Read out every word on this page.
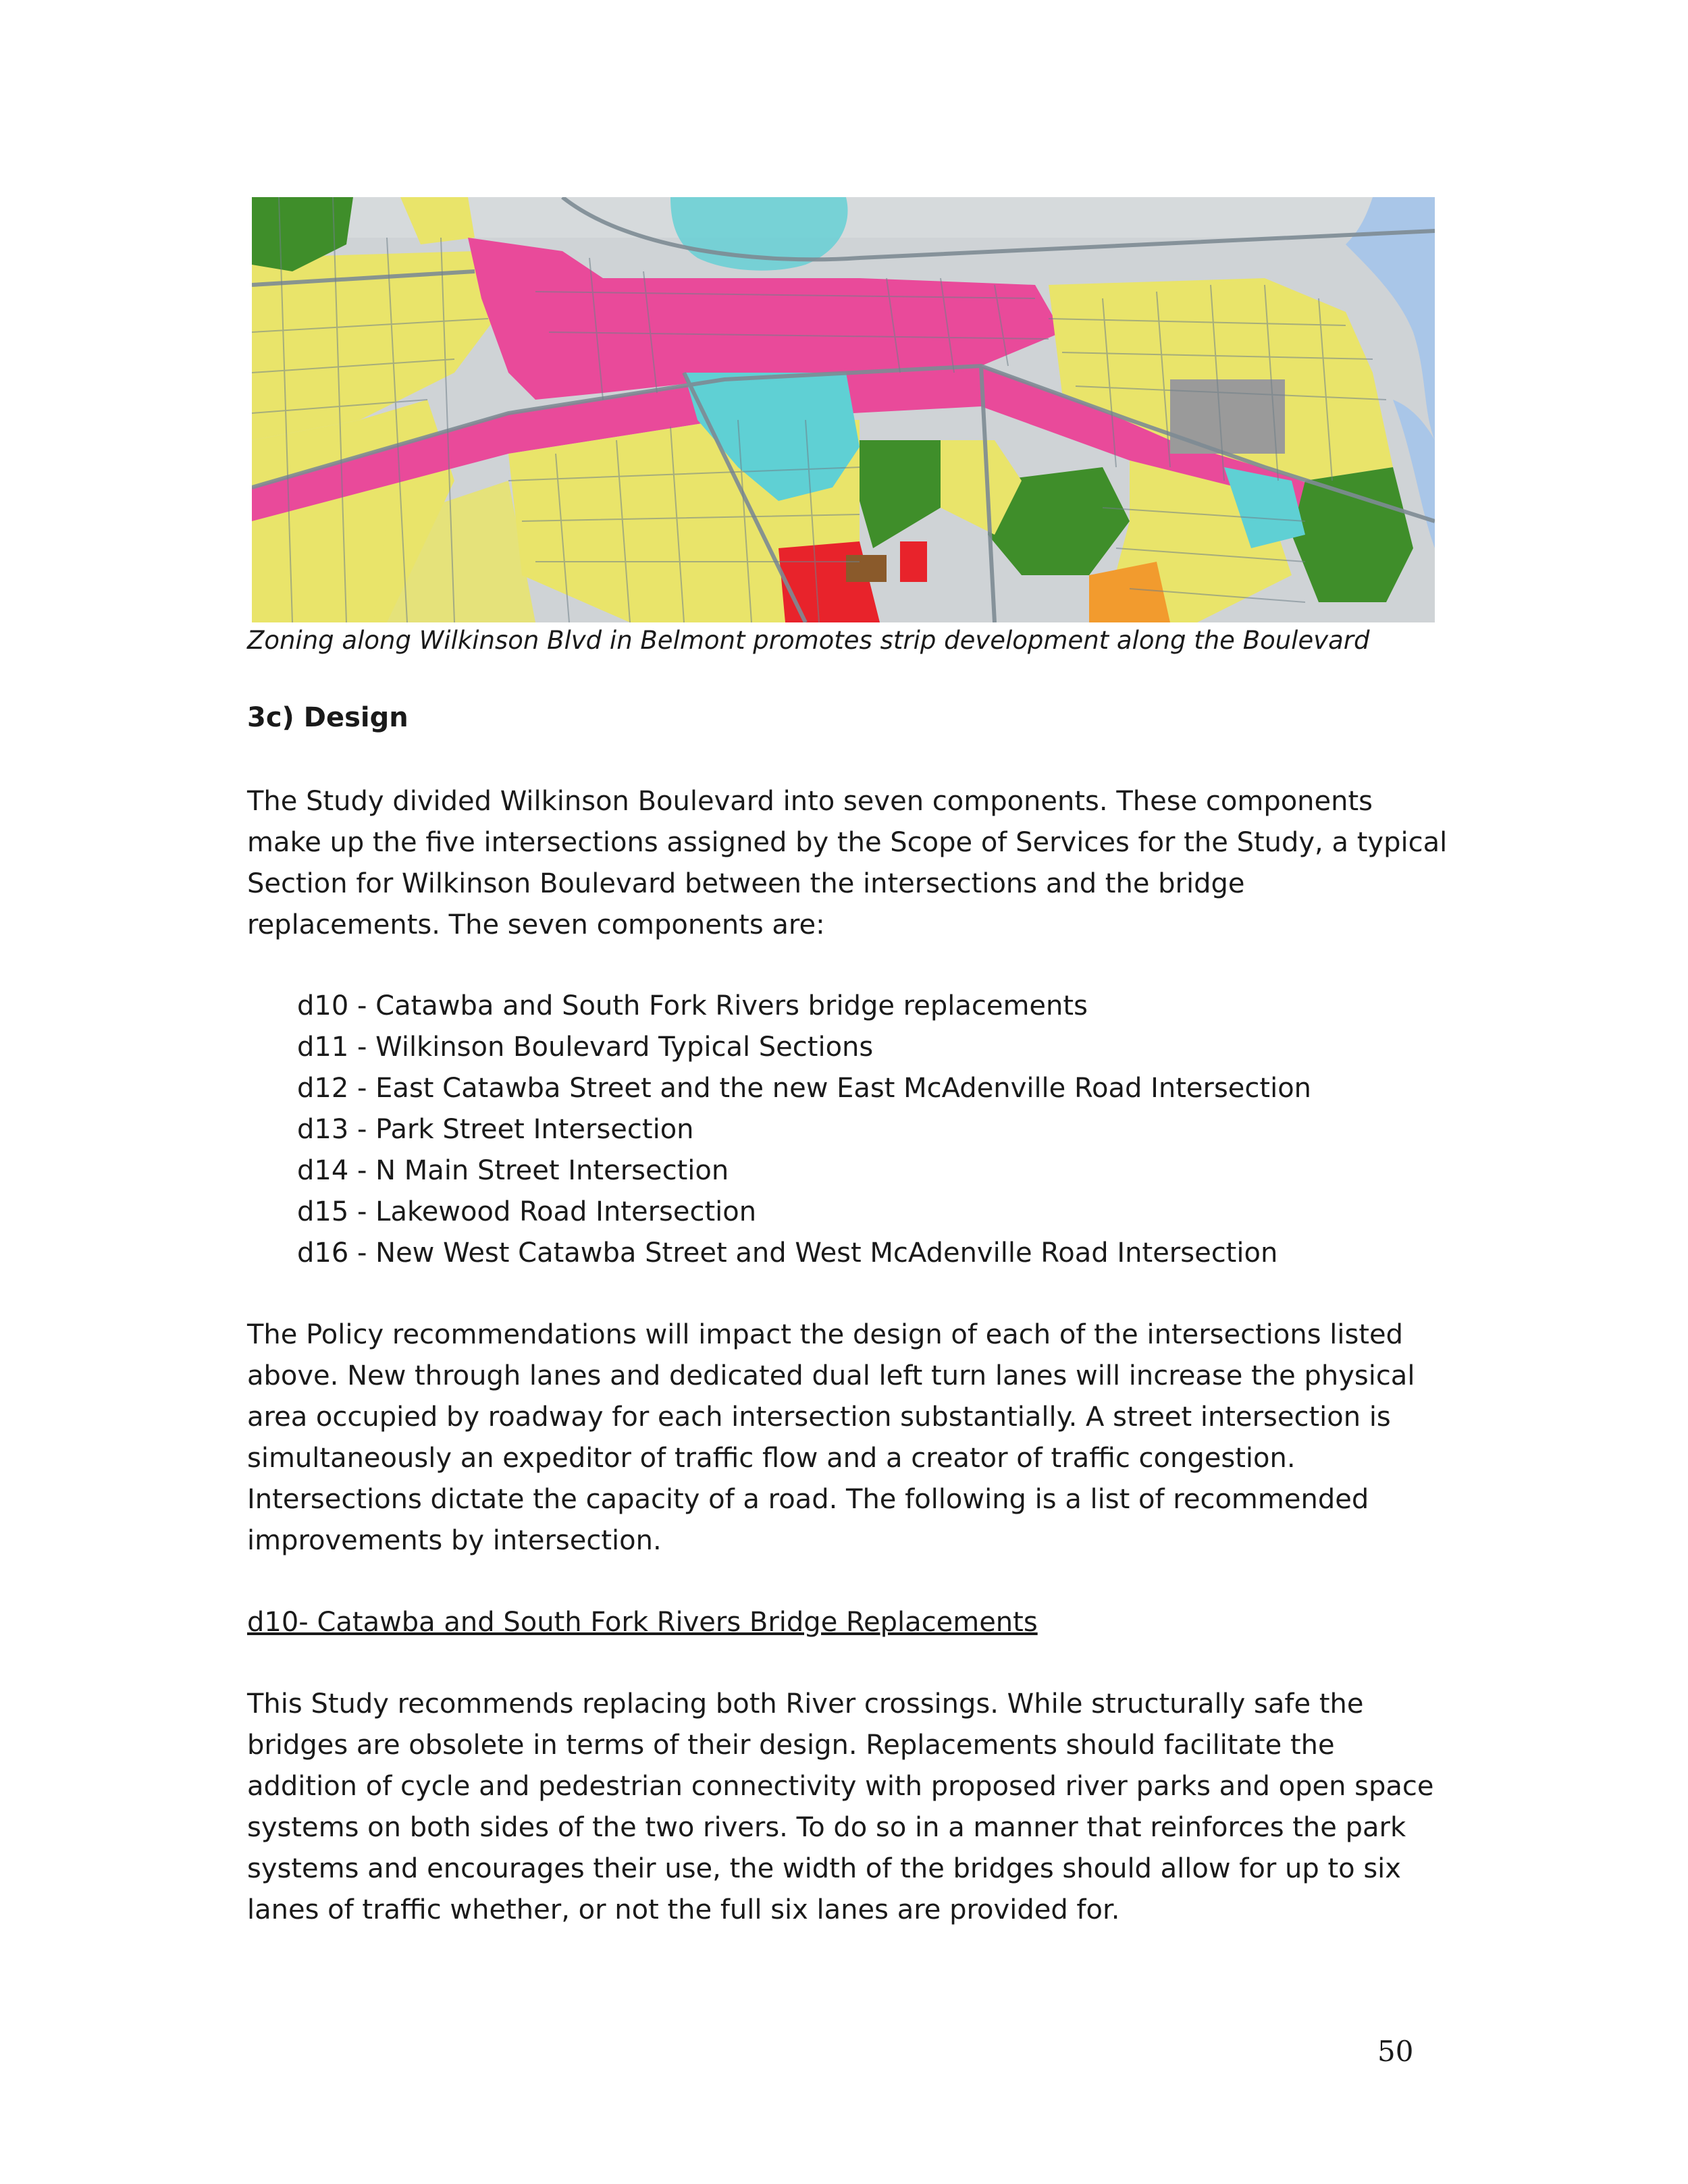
Zoning along Wilkinson Blvd in Belmont promotes strip development along the Boulevard

3c) Design

The Study divided Wilkinson Boulevard into seven components. These components
make up the five intersections assigned by the Scope of Services for the Study, a typical
Section for Wilkinson Boulevard between the intersections and the bridge
replacements. The seven components are:

d10 - Catawba and South Fork Rivers bridge replacements
d11 - Wilkinson Boulevard Typical Sections
d12 - East Catawba Street and the new East McAdenville Road Intersection
d13 - Park Street Intersection
d14 - N Main Street Intersection
d15 - Lakewood Road Intersection
d16 - New West Catawba Street and West McAdenville Road Intersection

The Policy recommendations will impact the design of each of the intersections listed
above. New through lanes and dedicated dual left turn lanes will increase the physical
area occupied by roadway for each intersection substantially. A street intersection is
simultaneously an expeditor of traffic flow and a creator of traffic congestion.
Intersections dictate the capacity of a road. The following is a list of recommended
improvements by intersection.

d10- Catawba and South Fork Rivers Bridge Replacements

This Study recommends replacing both River crossings. While structurally safe the
bridges are obsolete in terms of their design. Replacements should facilitate the
addition of cycle and pedestrian connectivity with proposed river parks and open space
systems on both sides of the two rivers. To do so in a manner that reinforces the park
systems and encourages their use, the width of the bridges should allow for up to six
lanes of traffic whether, or not the full six lanes are provided for.

50
